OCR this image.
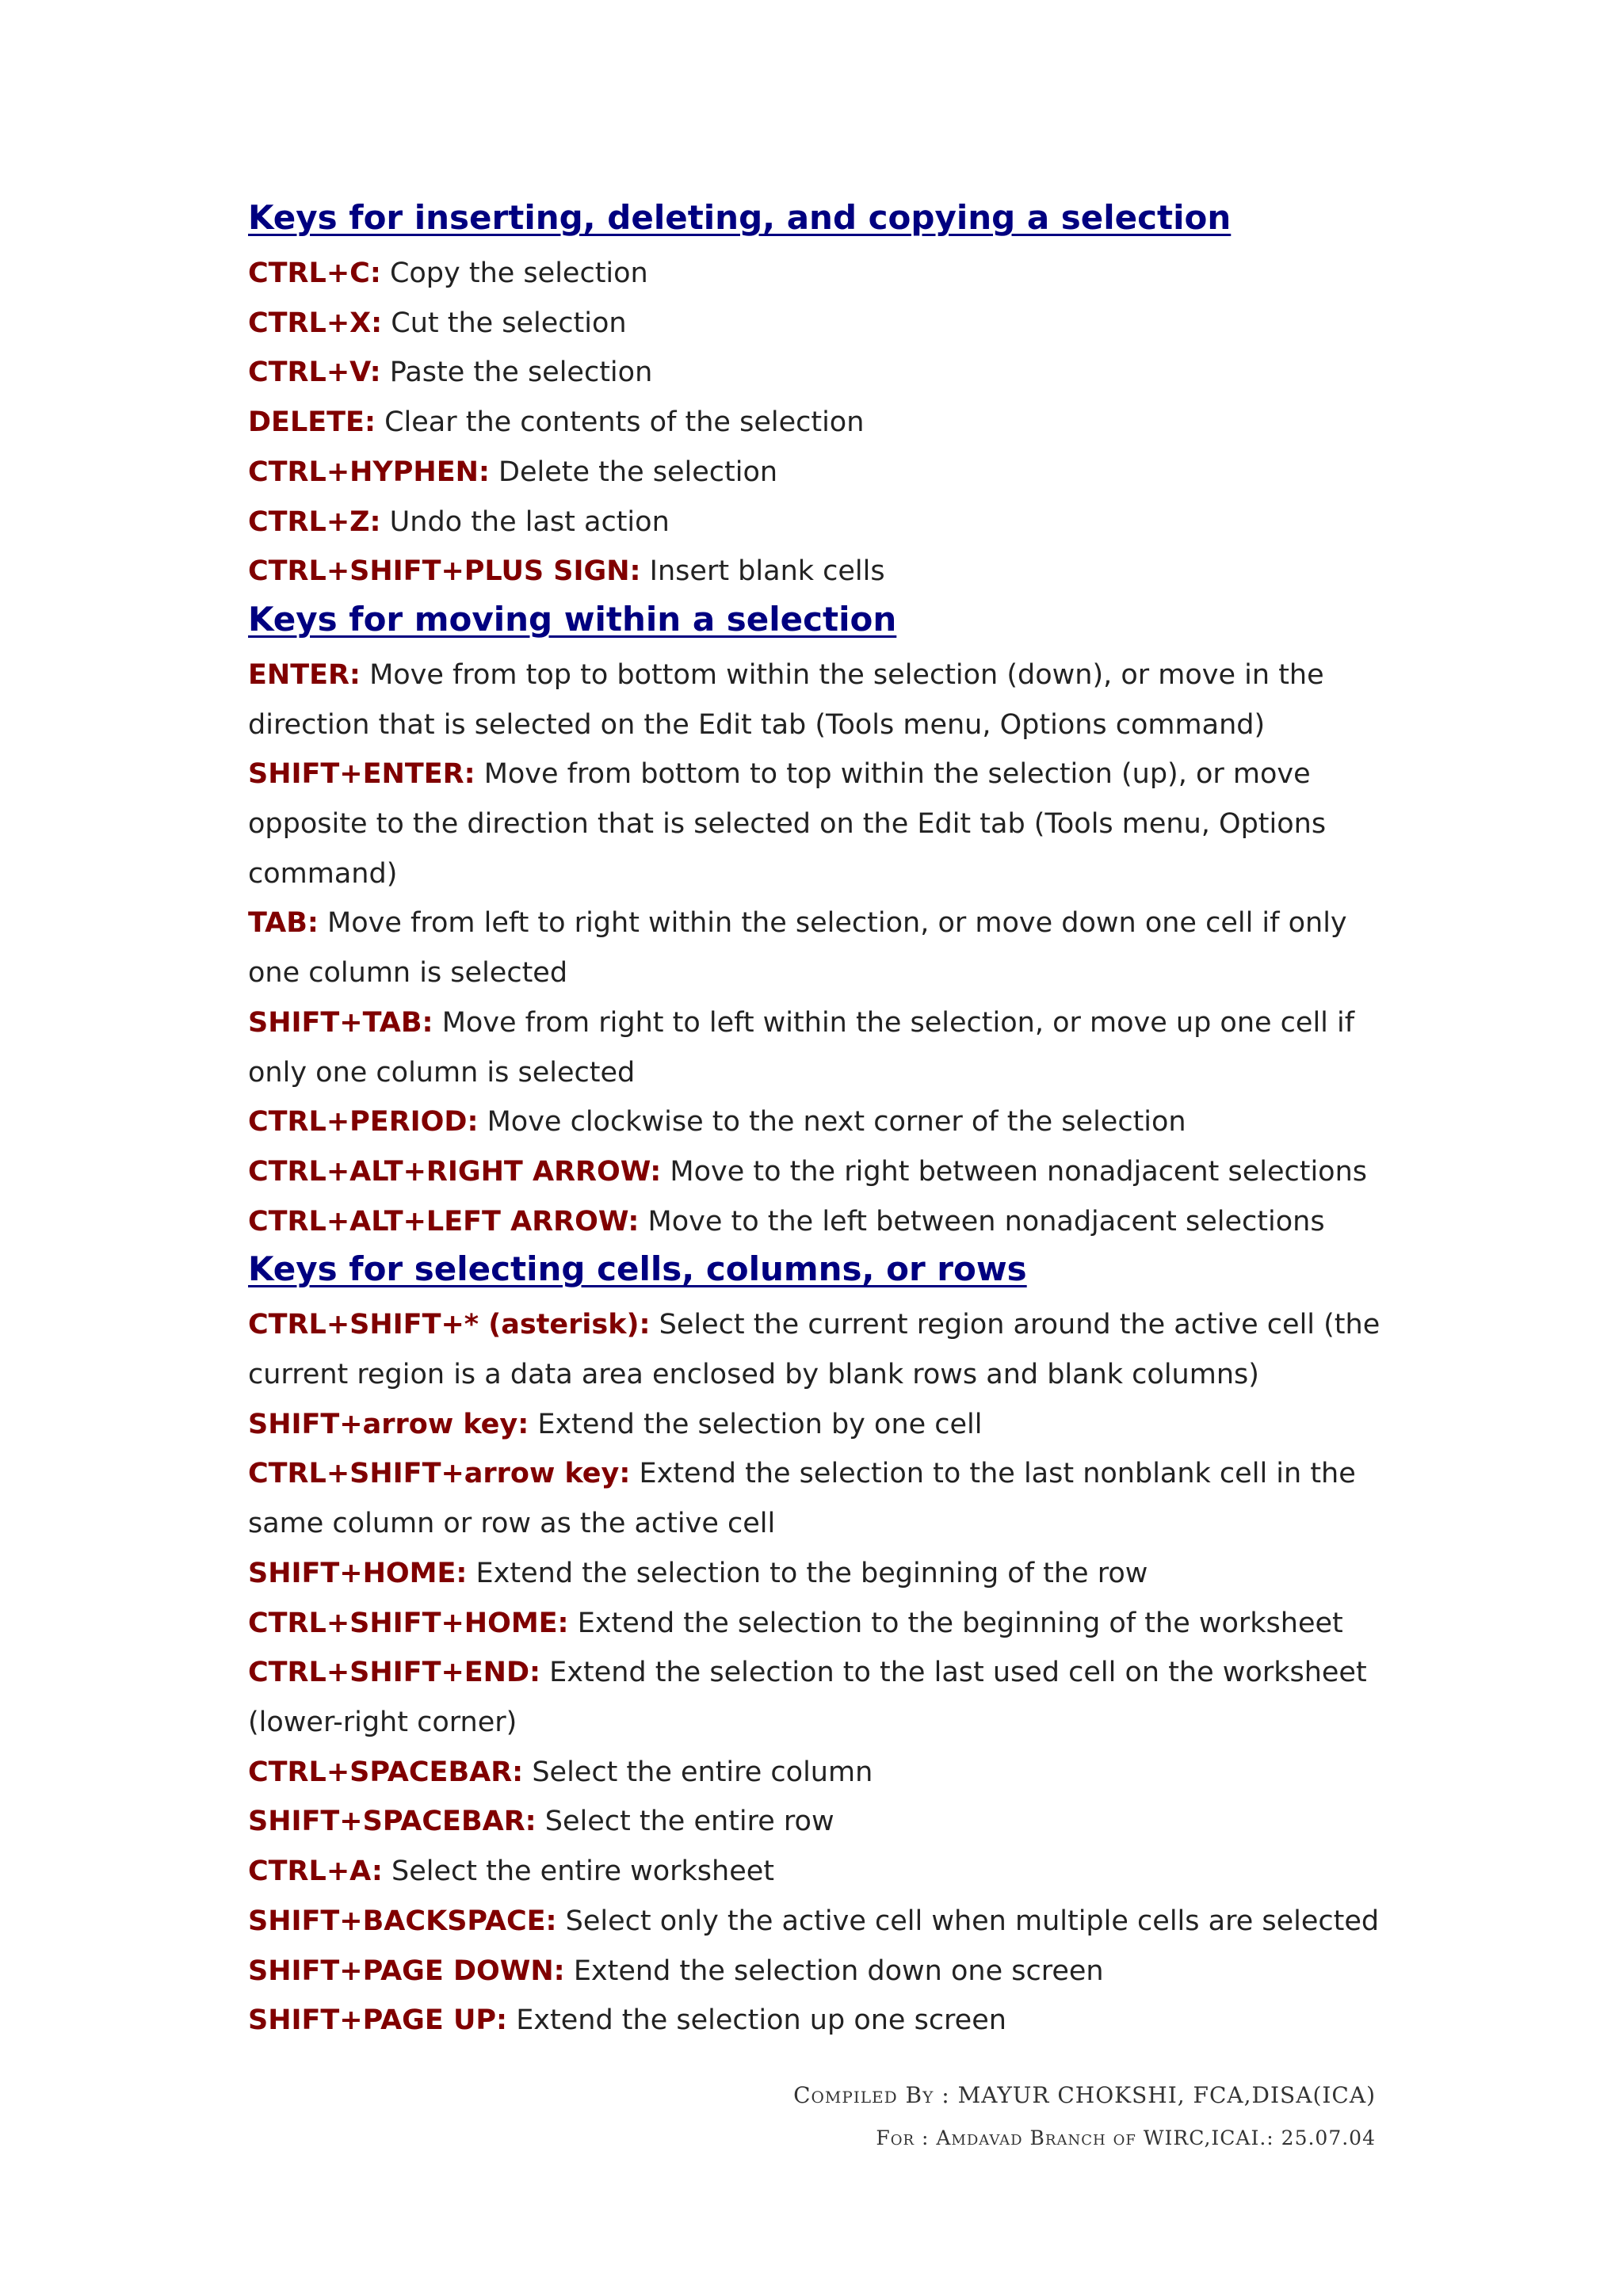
Keys for inserting, deleting, and copying a selection

CTRL+C: Copy the selection

CTRL+X: Cut the selection

CTRL+V: Paste the selection

DELETE: Clear the contents of the selection

CTRL+HYPHEN: Delete the selection

CTRL+Z: Undo the last action

CTRL+SHIFT+PLUS SIGN: Insert blank cells

Keys for moving within a selection

ENTER: Move from top to bottom within the selection (down), or move in the direction that is selected on the Edit tab (Tools menu, Options command)

SHIFT+ENTER: Move from bottom to top within the selection (up), or move opposite to the direction that is selected on the Edit tab (Tools menu, Options command)

TAB: Move from left to right within the selection, or move down one cell if only one column is selected

SHIFT+TAB: Move from right to left within the selection, or move up one cell if only one column is selected

CTRL+PERIOD: Move clockwise to the next corner of the selection

CTRL+ALT+RIGHT ARROW: Move to the right between nonadjacent selections

CTRL+ALT+LEFT ARROW: Move to the left between nonadjacent selections

Keys for selecting cells, columns, or rows

CTRL+SHIFT+* (asterisk): Select the current region around the active cell (the current region is a data area enclosed by blank rows and blank columns)

SHIFT+arrow key: Extend the selection by one cell

CTRL+SHIFT+arrow key: Extend the selection to the last nonblank cell in the same column or row as the active cell

SHIFT+HOME: Extend the selection to the beginning of the row

CTRL+SHIFT+HOME: Extend the selection to the beginning of the worksheet

CTRL+SHIFT+END: Extend the selection to the last used cell on the worksheet (lower-right corner)

CTRL+SPACEBAR: Select the entire column

SHIFT+SPACEBAR: Select the entire row

CTRL+A: Select the entire worksheet

SHIFT+BACKSPACE: Select only the active cell when multiple cells are selected

SHIFT+PAGE DOWN: Extend the selection down one screen

SHIFT+PAGE UP: Extend the selection up one screen

Compiled By : MAYUR CHOKSHI, FCA,DISA(ICA)
For : Amdavad Branch of WIRC,ICAI.: 25.07.04
